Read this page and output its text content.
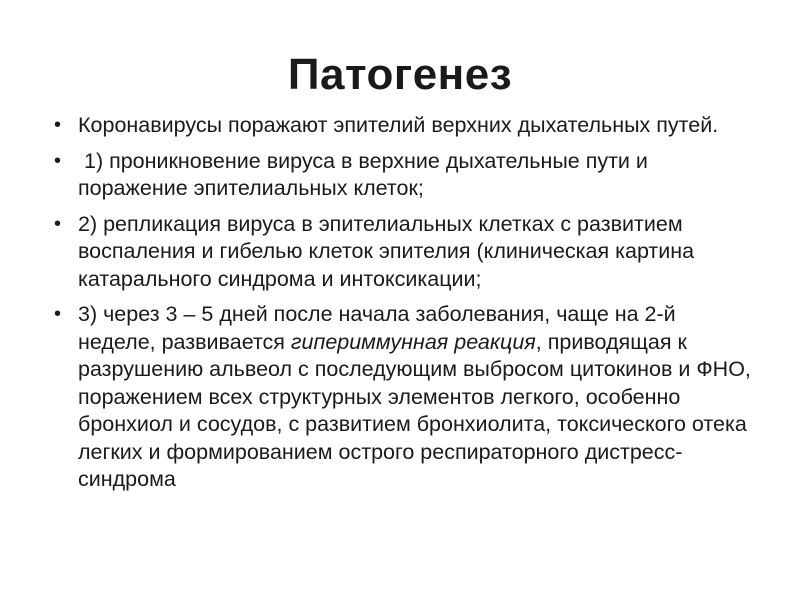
Патогенез
• Коронавирусы поражают эпителий верхних дыхательных путей.
• 1) проникновение вируса в верхние дыхательные пути и поражение эпителиальных клеток;
• 2) репликация вируса в эпителиальных клетках с развитием воспаления и гибелью клеток эпителия (клиническая картина катарального синдрома и интоксикации;
• 3) через 3 – 5 дней после начала заболевания, чаще на 2-й неделе, развивается гипериммунная реакция, приводящая к разрушению альвеол с последующим выбросом цитокинов и ФНО, поражением всех структурных элементов легкого, особенно бронхиол и сосудов, с развитием бронхиолита, токсического отека легких и формированием острого респираторного дистресс-синдрома
